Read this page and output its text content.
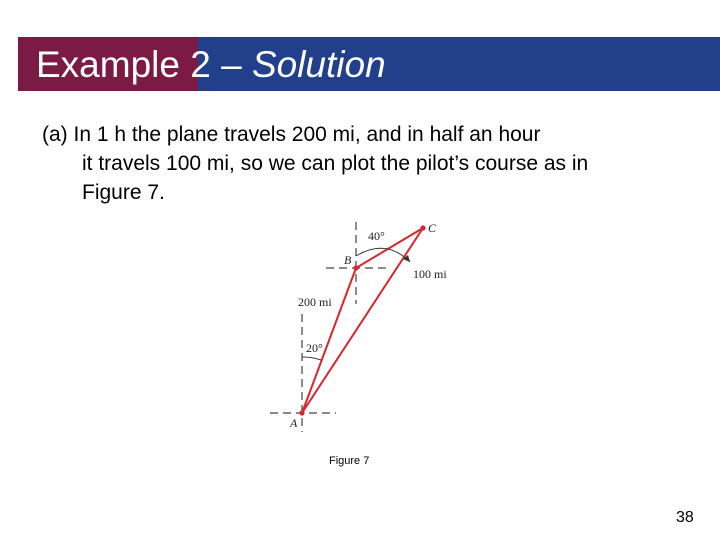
Example 2 – Solution

(a) In 1 h the plane travels 200 mi, and in half an hour
it travels 100 mi, so we can plot the pilot’s course as in
Figure 7.

A
B
C
40°
20°
200 mi
100 mi

Figure 7

38
